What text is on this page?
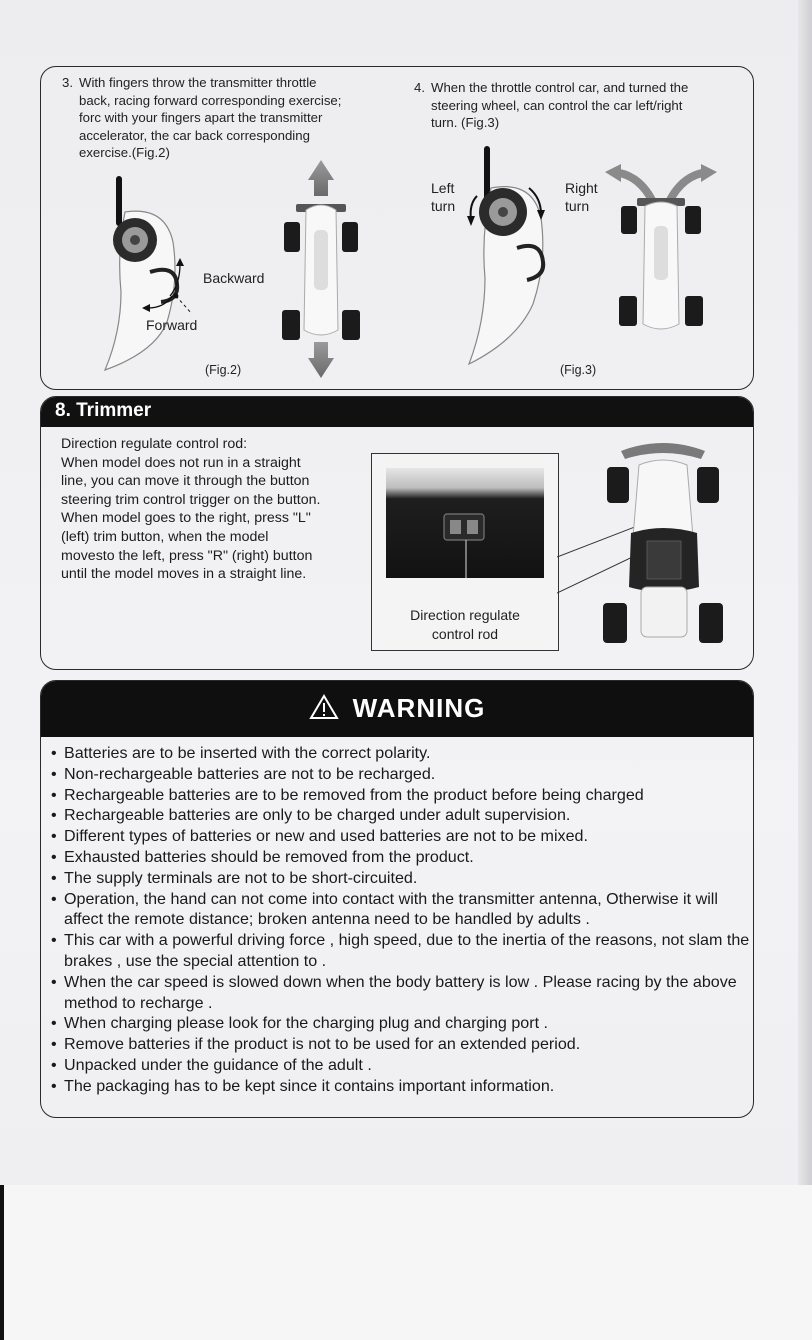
3. With fingers throw the transmitter throttle
back, racing forward corresponding exercise;
forc with your fingers apart the transmitter
accelerator, the car back corresponding
exercise.(Fig.2)
4. When the throttle control car, and turned the
steering wheel, can control the car left/right
turn. (Fig.3)
Backward
Forward
(Fig.2)
Left
turn
Right
turn
(Fig.3)
8. Trimmer
Direction regulate control rod:
When model does not run in a straight
line, you can move it through the button
steering trim control trigger on the button.
When model goes to the right, press "L"
(left) trim button, when the model
movesto the left, press "R" (right) button
until the model moves in a straight line.
Direction regulate
control rod
WARNING
• Batteries are to be inserted with the correct polarity.
• Non-rechargeable batteries are not to be recharged.
• Rechargeable batteries are to be removed from the product before being charged
• Rechargeable batteries are only to be charged under adult supervision.
• Different types of batteries or new and used batteries are not to be mixed.
• Exhausted batteries should be removed from the product.
• The supply terminals are not to be short-circuited.
• Operation, the hand can not come into contact with the transmitter antenna, Otherwise it will affect the remote distance; broken antenna need to be handled by adults .
• This car with a powerful driving force , high speed, due to the inertia of the reasons, not slam the brakes , use the special attention to .
• When the car speed is slowed down when the body battery is low . Please racing by the above method to recharge .
• When charging please look for the charging plug and charging port .
• Remove batteries if the product is not to be used for an extended period.
• Unpacked under the guidance of the adult .
• The packaging has to be kept since it contains important information.
